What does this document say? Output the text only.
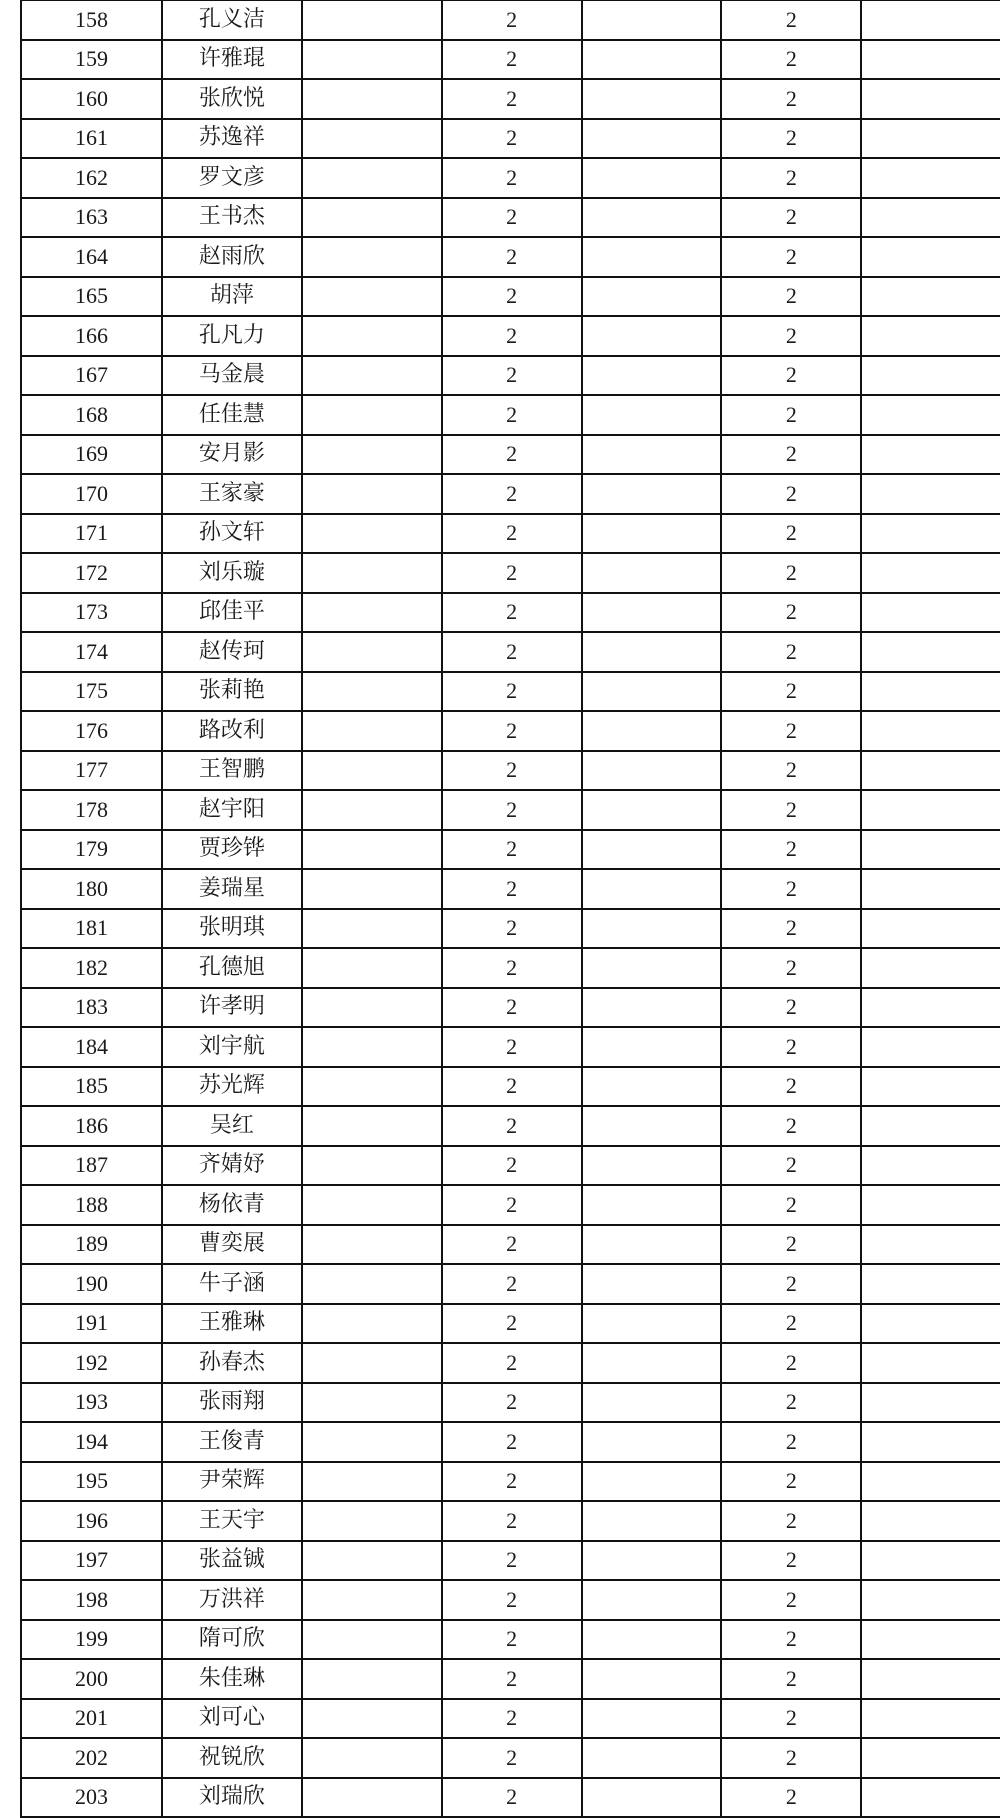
158	孔义洁		2		2	
159	许雅琨		2		2	
160	张欣悦		2		2	
161	苏逸祥		2		2	
162	罗文彦		2		2	
163	王书杰		2		2	
164	赵雨欣		2		2	
165	胡萍		2		2	
166	孔凡力		2		2	
167	马金晨		2		2	
168	任佳慧		2		2	
169	安月影		2		2	
170	王家豪		2		2	
171	孙文轩		2		2	
172	刘乐璇		2		2	
173	邱佳平		2		2	
174	赵传珂		2		2	
175	张莉艳		2		2	
176	路改利		2		2	
177	王智鹏		2		2	
178	赵宇阳		2		2	
179	贾珍铧		2		2	
180	姜瑞星		2		2	
181	张明琪		2		2	
182	孔德旭		2		2	
183	许孝明		2		2	
184	刘宇航		2		2	
185	苏光辉		2		2	
186	吴红		2		2	
187	齐婧妤		2		2	
188	杨依青		2		2	
189	曹奕展		2		2	
190	牛子涵		2		2	
191	王雅琳		2		2	
192	孙春杰		2		2	
193	张雨翔		2		2	
194	王俊青		2		2	
195	尹荣辉		2		2	
196	王天宇		2		2	
197	张益铖		2		2	
198	万洪祥		2		2	
199	隋可欣		2		2	
200	朱佳琳		2		2	
201	刘可心		2		2	
202	祝锐欣		2		2	
203	刘瑞欣		2		2	
